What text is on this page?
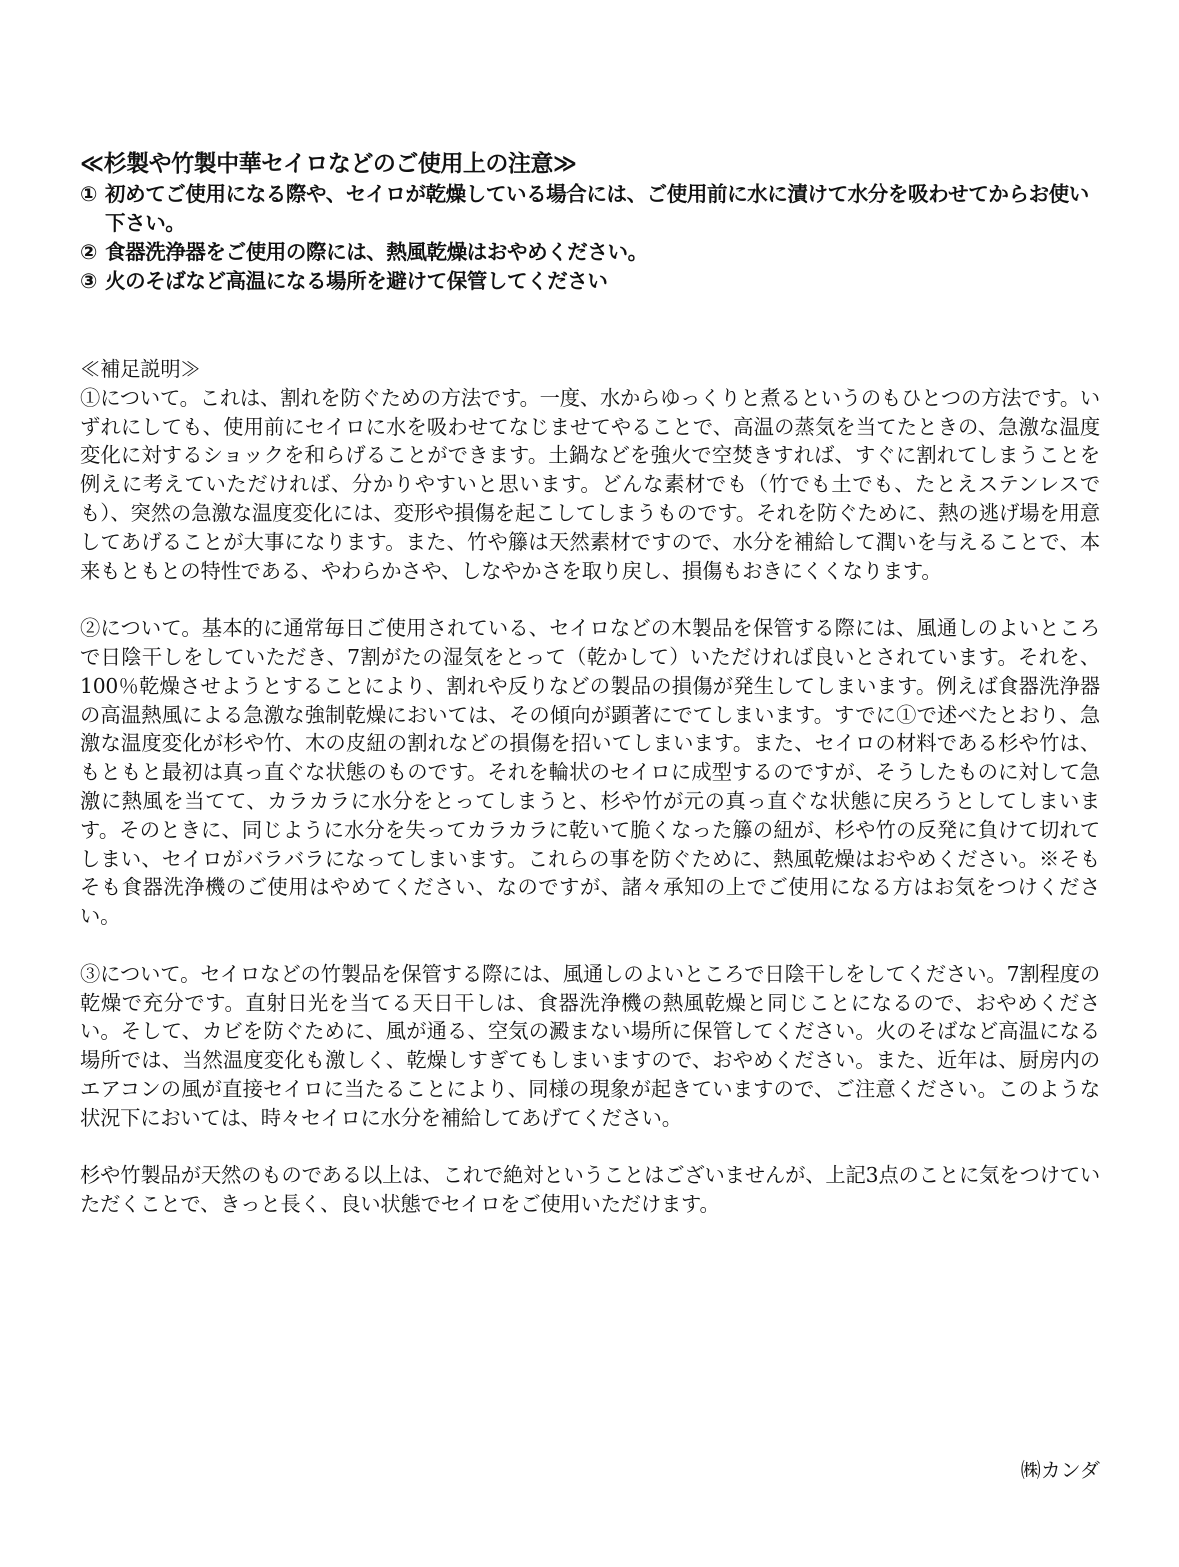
≪杉製や竹製中華セイロなどのご使用上の注意≫
① 初めてご使用になる際や、セイロが乾燥している場合には、ご使用前に水に漬けて水分を吸わせてからお使い下さい。
② 食器洗浄器をご使用の際には、熱風乾燥はおやめください。
③ 火のそばなど高温になる場所を避けて保管してください
≪補足説明≫

①について。これは、割れを防ぐための方法です。一度、水からゆっくりと煮るというのもひとつの方法です。いずれにしても、使用前にセイロに水を吸わせてなじませてやることで、高温の蒸気を当てたときの、急激な温度変化に対するショックを和らげることができます。土鍋などを強火で空焚きすれば、すぐに割れてしまうことを例えに考えていただければ、分かりやすいと思います。どんな素材でも（竹でも土でも、たとえステンレスでも）、突然の急激な温度変化には、変形や損傷を起こしてしまうものです。それを防ぐために、熱の逃げ場を用意してあげることが大事になります。また、竹や籐は天然素材ですので、水分を補給して潤いを与えることで、本来もともとの特性である、やわらかさや、しなやかさを取り戻し、損傷もおきにくくなります。

②について。基本的に通常毎日ご使用されている、セイロなどの木製品を保管する際には、風通しのよいところで日陰干しをしていただき、7割がたの湿気をとって（乾かして）いただければ良いとされています。それを、100％乾燥させようとすることにより、割れや反りなどの製品の損傷が発生してしまいます。例えば食器洗浄器の高温熱風による急激な強制乾燥においては、その傾向が顕著にでてしまいます。すでに①で述べたとおり、急激な温度変化が杉や竹、木の皮紐の割れなどの損傷を招いてしまいます。また、セイロの材料である杉や竹は、もともと最初は真っ直ぐな状態のものです。それを輪状のセイロに成型するのですが、そうしたものに対して急激に熱風を当てて、カラカラに水分をとってしまうと、杉や竹が元の真っ直ぐな状態に戻ろうとしてしまいます。そのときに、同じように水分を失ってカラカラに乾いて脆くなった籐の紐が、杉や竹の反発に負けて切れてしまい、セイロがバラバラになってしまいます。これらの事を防ぐために、熱風乾燥はおやめください。※そもそも食器洗浄機のご使用はやめてください、なのですが、諸々承知の上でご使用になる方はお気をつけください。

③について。セイロなどの竹製品を保管する際には、風通しのよいところで日陰干しをしてください。7割程度の乾燥で充分です。直射日光を当てる天日干しは、食器洗浄機の熱風乾燥と同じことになるので、おやめください。そして、カビを防ぐために、風が通る、空気の澱まない場所に保管してください。火のそばなど高温になる場所では、当然温度変化も激しく、乾燥しすぎてもしまいますので、おやめください。また、近年は、厨房内のエアコンの風が直接セイロに当たることにより、同様の現象が起きていますので、ご注意ください。このような状況下においては、時々セイロに水分を補給してあげてください。

杉や竹製品が天然のものである以上は、これで絶対ということはございませんが、上記3点のことに気をつけていただくことで、きっと長く、良い状態でセイロをご使用いただけます。

㈱カンダ
